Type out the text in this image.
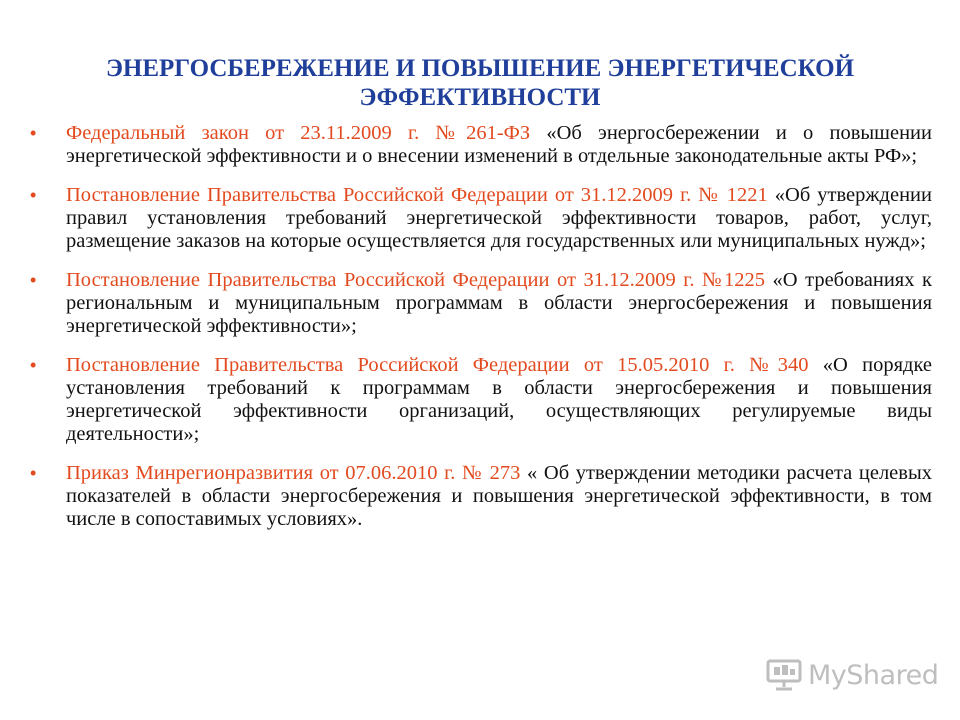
ЭНЕРГОСБЕРЕЖЕНИЕ И ПОВЫШЕНИЕ ЭНЕРГЕТИЧЕСКОЙ ЭФФЕКТИВНОСТИ
• Федеральный закон от 23.11.2009 г. №261-ФЗ «Об энергосбережении и о повышении энергетической эффективности и о внесении изменений в отдельные законодательные акты РФ»;
• Постановление Правительства Российской Федерации от 31.12.2009 г. № 1221 «Об утверждении правил установления требований энергетической эффективности товаров, работ, услуг, размещение заказов на которые осуществляется для государственных или муниципальных нужд»;
• Постановление Правительства Российской Федерации от 31.12.2009 г. №1225 «О требованиях к региональным и муниципальным программам в области энергосбережения и повышения энергетической эффективности»;
• Постановление Правительства Российской Федерации от 15.05.2010 г. №340 «О порядке установления требований к программам в области энергосбережения и повышения энергетической эффективности организаций, осуществляющих регулируемые виды деятельности»;
• Приказ Минрегионразвития от 07.06.2010 г. № 273 « Об утверждении методики расчета целевых показателей в области энергосбережения и повышения энергетической эффективности, в том числе в сопоставимых условиях».
MyShared
